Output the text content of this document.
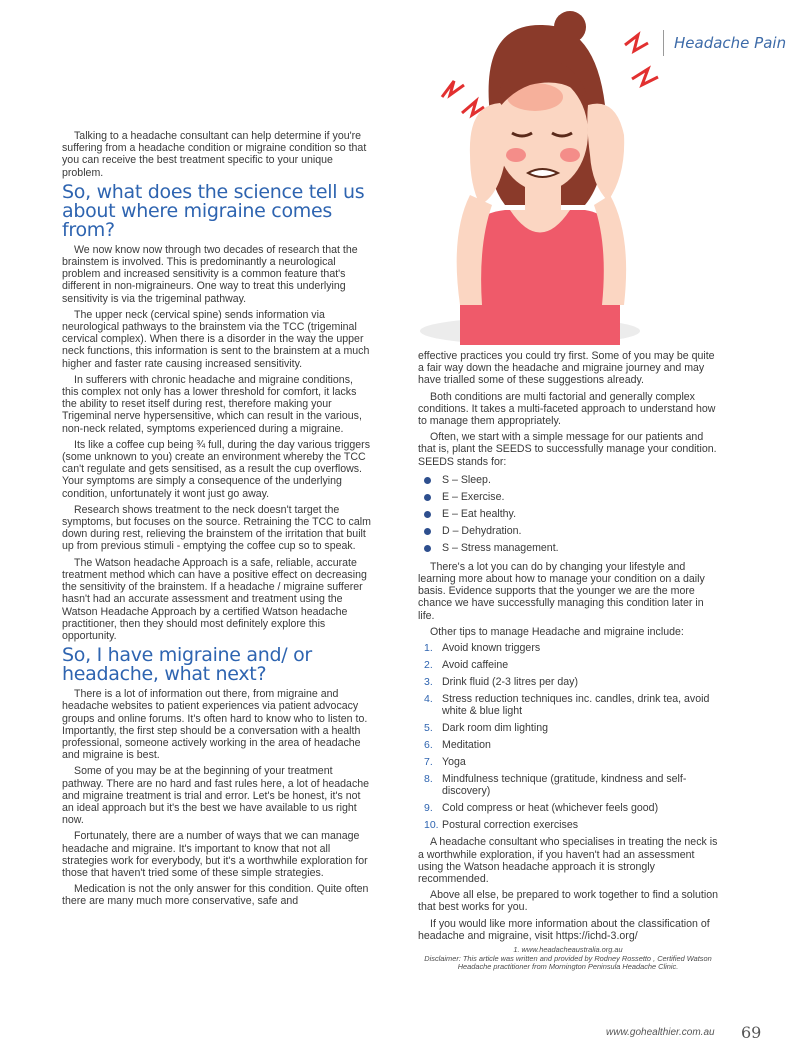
Headache Pain

Talking to a headache consultant can help determine if you're suffering from a headache condition or migraine condition so that you can receive the best treatment specific to your unique problem.

So, what does the science tell us about where migraine comes from?

We now know now through two decades of research that the brainstem is involved. This is predominantly a neurological problem and increased sensitivity is a common feature that's different in non-migraineurs. One way to treat this underlying sensitivity is via the trigeminal pathway.

The upper neck (cervical spine) sends information via neurological pathways to the brainstem via the TCC (trigeminal cervical complex). When there is a disorder in the way the upper neck functions, this information is sent to the brainstem at a much higher and faster rate causing increased sensitivity.

In sufferers with chronic headache and migraine conditions, this complex not only has a lower threshold for comfort, it lacks the ability to reset itself during rest, therefore making your Trigeminal nerve hypersensitive, which can result in the various, non-neck related, symptoms experienced during a migraine.

Its like a coffee cup being ¾ full, during the day various triggers (some unknown to you) create an environment whereby the TCC can't regulate and gets sensitised, as a result the cup overflows. Your symptoms are simply a consequence of the underlying condition, unfortunately it wont just go away.

Research shows treatment to the neck doesn't target the symptoms, but focuses on the source. Retraining the TCC to calm down during rest, relieving the brainstem of the irritation that built up from previous stimuli - emptying the coffee cup so to speak.

The Watson headache Approach is a safe, reliable, accurate treatment method which can have a positive effect on decreasing the sensitivity of the brainstem. If a headache / migraine sufferer hasn't had an accurate assessment and treatment using the Watson Headache Approach by a certified Watson headache practitioner, then they should most definitely explore this opportunity.

So, I have migraine and/ or headache, what next?

There is a lot of information out there, from migraine and headache websites to patient experiences via patient advocacy groups and online forums. It's often hard to know who to listen to. Importantly, the first step should be a conversation with a health professional, someone actively working in the area of headache and migraine is best.

Some of you may be at the beginning of your treatment pathway. There are no hard and fast rules here, a lot of headache and migraine treatment is trial and error. Let's be honest, it's not an ideal approach but it's the best we have available to us right now.

Fortunately, there are a number of ways that we can manage headache and migraine. It's important to know that not all strategies work for everybody, but it's a worthwhile exploration for those that haven't tried some of these simple strategies.

Medication is not the only answer for this condition. Quite often there are many much more conservative, safe and

effective practices you could try first. Some of you may be quite a fair way down the headache and migraine journey and may have trialled some of these suggestions already.

Both conditions are multi factorial and generally complex conditions. It takes a multi-faceted approach to understand how to manage them appropriately.

Often, we start with a simple message for our patients and that is, plant the SEEDS to successfully manage your condition. SEEDS stands for:

S – Sleep.
E – Exercise.
E – Eat healthy.
D – Dehydration.
S – Stress management.

There's a lot you can do by changing your lifestyle and learning more about how to manage your condition on a daily basis. Evidence supports that the younger we are the more chance we have successfully managing this condition later in life.

Other tips to manage Headache and migraine include:

1. Avoid known triggers
2. Avoid caffeine
3. Drink fluid (2-3 litres per day)
4. Stress reduction techniques inc. candles, drink tea, avoid white & blue light
5. Dark room dim lighting
6. Meditation
7. Yoga
8. Mindfulness technique (gratitude, kindness and self-discovery)
9. Cold compress or heat (whichever feels good)
10. Postural correction exercises

A headache consultant who specialises in treating the neck is a worthwhile exploration, if you haven't had an assessment using the Watson headache approach it is strongly recommended.

Above all else, be prepared to work together to find a solution that best works for you.

If you would like more information about the classification of headache and migraine, visit https://ichd-3.org/

1. www.headacheaustralia.org.au
Disclaimer: This article was written and provided by Rodney Rossetto , Certified Watson Headache practitioner from Mornington Peninsula Headache Clinic.
www.gohealthier.com.au 69
